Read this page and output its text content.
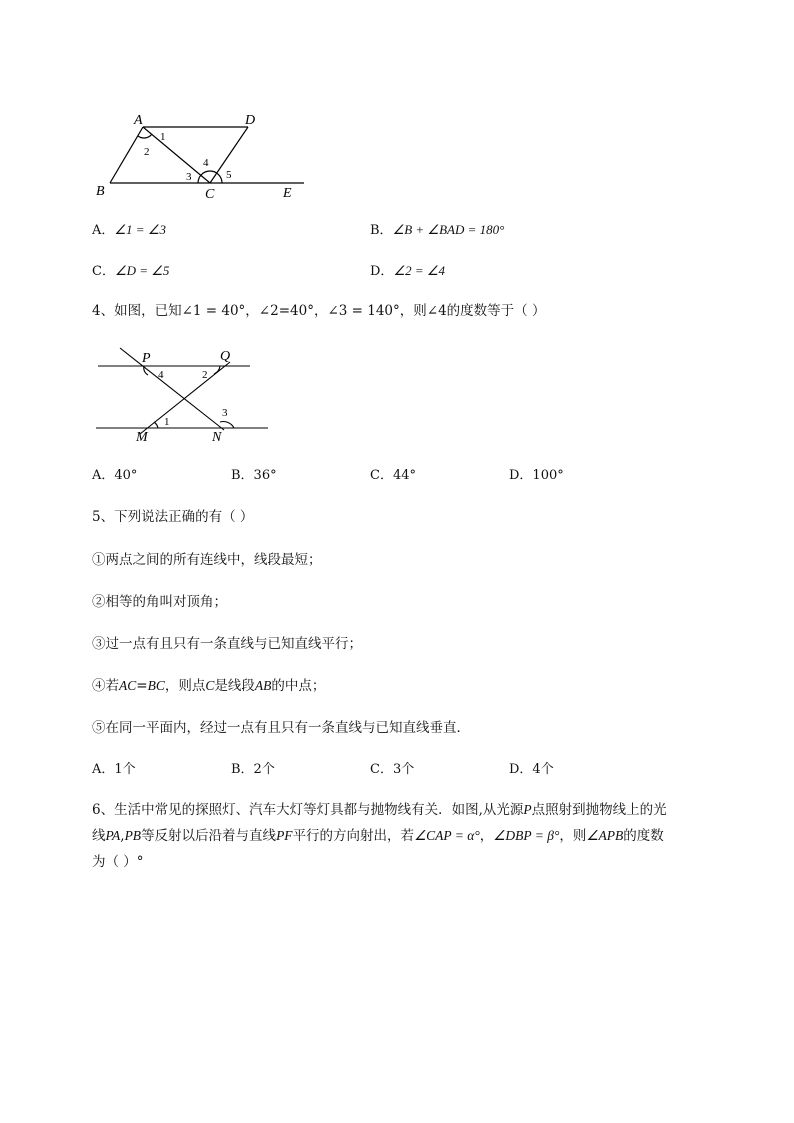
A	D
B	C	E
1
2
3
4
5
A．∠1 = ∠3	B．∠B + ∠BAD = 180°
C．∠D = ∠5	D．∠2 = ∠4
4、如图，已知∠1 = 40°，∠2=40°，∠3 = 140°，则∠4的度数等于（ ）
P	Q
M	N
4	2
1
3
A．40°	B．36°	C．44°	D．100°
5、下列说法正确的有（ ）
①两点之间的所有连线中，线段最短；
②相等的角叫对顶角；
③过一点有且只有一条直线与已知直线平行；
④若AC=BC，则点C是线段AB的中点；
⑤在同一平面内，经过一点有且只有一条直线与已知直线垂直．
A．1个	B．2个	C．3个	D．4个
6、生活中常见的探照灯、汽车大灯等灯具都与抛物线有关．如图,从光源P点照射到抛物线上的光
线PA,PB等反射以后沿着与直线PF平行的方向射出，若∠CAP = α°，∠DBP = β°，则∠APB的度数
为（ ）°
